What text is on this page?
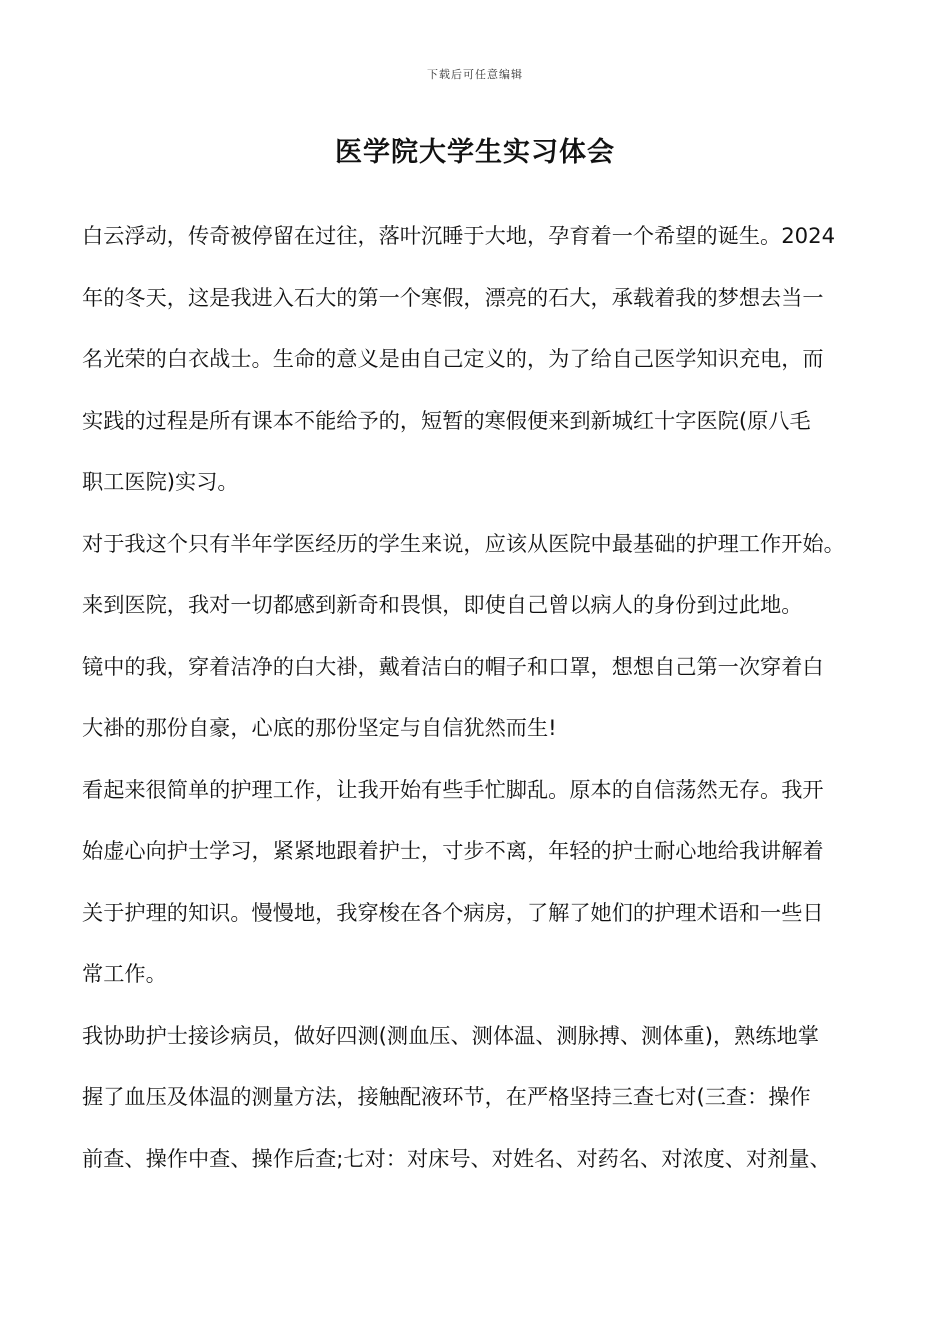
下载后可任意编辑
医学院大学生实习体会
白云浮动，传奇被停留在过往，落叶沉睡于大地，孕育着一个希望的诞生。2024
年的冬天，这是我进入石大的第一个寒假，漂亮的石大，承载着我的梦想去当一
名光荣的白衣战士。生命的意义是由自己定义的，为了给自己医学知识充电，而
实践的过程是所有课本不能给予的，短暂的寒假便来到新城红十字医院(原八毛
职工医院)实习。
对于我这个只有半年学医经历的学生来说，应该从医院中最基础的护理工作开始。
来到医院，我对一切都感到新奇和畏惧，即使自己曾以病人的身份到过此地。
镜中的我，穿着洁净的白大褂，戴着洁白的帽子和口罩，想想自己第一次穿着白
大褂的那份自豪，心底的那份坚定与自信犹然而生!
看起来很简单的护理工作，让我开始有些手忙脚乱。原本的自信荡然无存。我开
始虚心向护士学习，紧紧地跟着护士，寸步不离，年轻的护士耐心地给我讲解着
关于护理的知识。慢慢地，我穿梭在各个病房，了解了她们的护理术语和一些日
常工作。
我协助护士接诊病员，做好四测(测血压、测体温、测脉搏、测体重)，熟练地掌
握了血压及体温的测量方法，接触配液环节，在严格坚持三查七对(三查：操作
前查、操作中查、操作后查;七对：对床号、对姓名、对药名、对浓度、对剂量、
